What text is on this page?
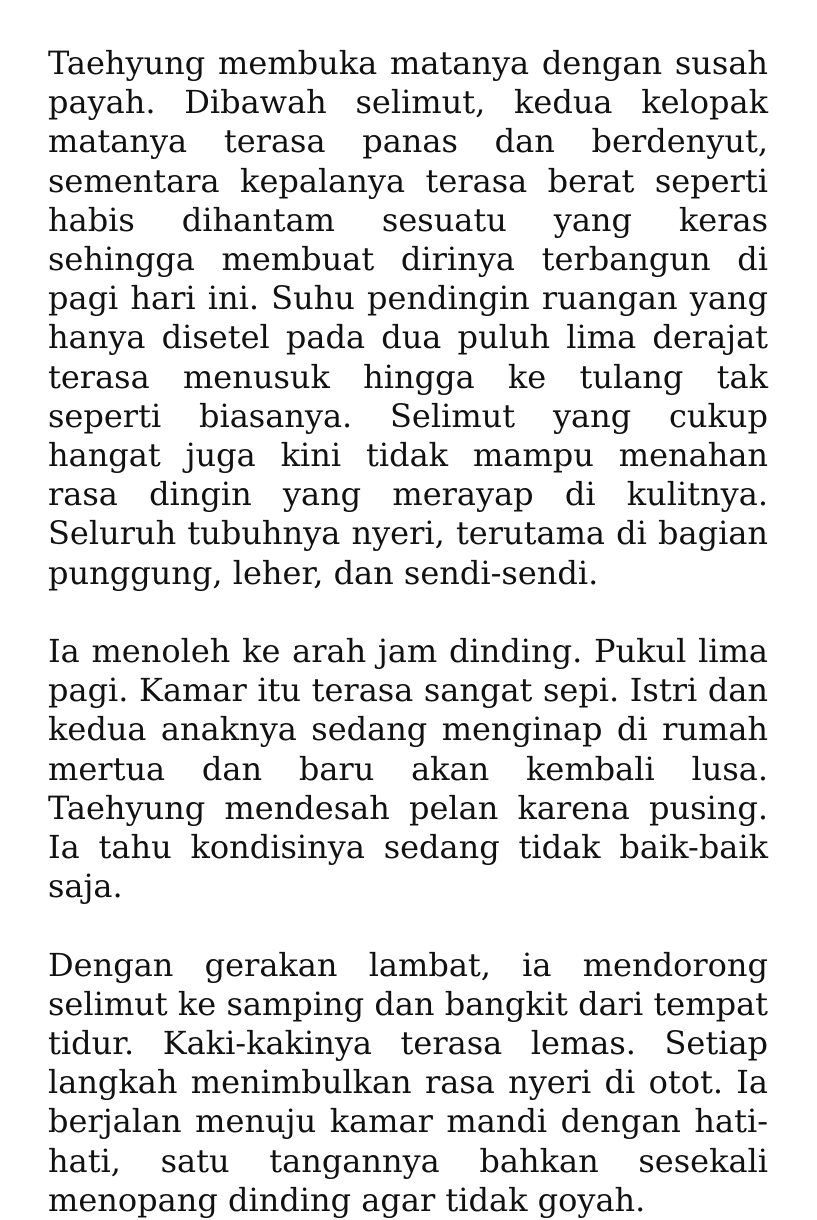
Taehyung membuka matanya dengan susah payah. Dibawah selimut, kedua kelopak matanya terasa panas dan berdenyut, sementara kepalanya terasa berat seperti habis dihantam sesuatu yang keras sehingga membuat dirinya terbangun di pagi hari ini. Suhu pendingin ruangan yang hanya disetel pada dua puluh lima derajat terasa menusuk hingga ke tulang tak seperti biasanya. Selimut yang cukup hangat juga kini tidak mampu menahan rasa dingin yang merayap di kulitnya. Seluruh tubuhnya nyeri, terutama di bagian punggung, leher, dan sendi-sendi.

Ia menoleh ke arah jam dinding. Pukul lima pagi. Kamar itu terasa sangat sepi. Istri dan kedua anaknya sedang menginap di rumah mertua dan baru akan kembali lusa. Taehyung mendesah pelan karena pusing. Ia tahu kondisinya sedang tidak baik-baik saja.

Dengan gerakan lambat, ia mendorong selimut ke samping dan bangkit dari tempat tidur. Kaki-kakinya terasa lemas. Setiap langkah menimbulkan rasa nyeri di otot. Ia berjalan menuju kamar mandi dengan hati-hati, satu tangannya bahkan sesekali menopang dinding agar tidak goyah.
